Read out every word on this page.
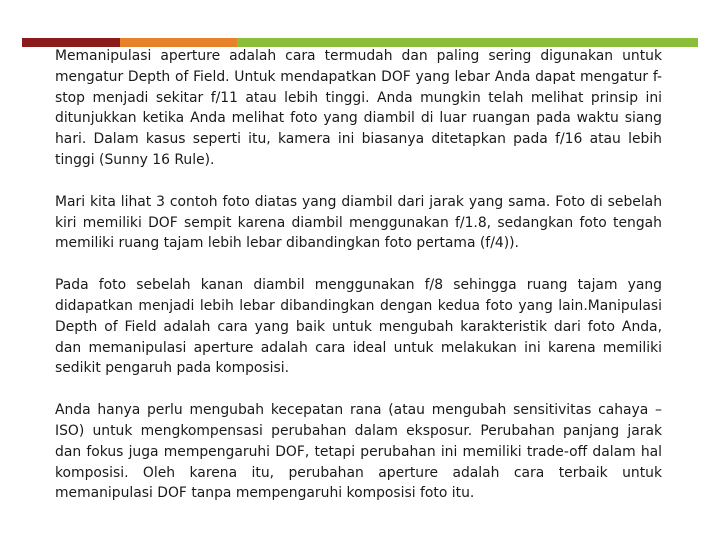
Memanipulasi aperture adalah cara termudah dan paling sering digunakan untuk mengatur Depth of Field. Untuk mendapatkan DOF yang lebar Anda dapat mengatur f-stop menjadi sekitar f/11 atau lebih tinggi. Anda mungkin telah melihat prinsip ini ditunjukkan ketika Anda melihat foto yang diambil di luar ruangan pada waktu siang hari. Dalam kasus seperti itu, kamera ini biasanya ditetapkan pada f/16 atau lebih tinggi (Sunny 16 Rule).

Mari kita lihat 3 contoh foto diatas yang diambil dari jarak yang sama. Foto di sebelah kiri memiliki DOF sempit karena diambil menggunakan f/1.8, sedangkan foto tengah memiliki ruang tajam lebih lebar dibandingkan foto pertama (f/4)).

Pada foto sebelah kanan diambil menggunakan f/8 sehingga ruang tajam yang didapatkan menjadi lebih lebar dibandingkan dengan kedua foto yang lain.Manipulasi Depth of Field adalah cara yang baik untuk mengubah karakteristik dari foto Anda, dan memanipulasi aperture adalah cara ideal untuk melakukan ini karena memiliki sedikit pengaruh pada komposisi.

Anda hanya perlu mengubah kecepatan rana (atau mengubah sensitivitas cahaya – ISO) untuk mengkompensasi perubahan dalam eksposur. Perubahan panjang jarak dan fokus juga mempengaruhi DOF, tetapi perubahan ini memiliki trade-off dalam hal komposisi. Oleh karena itu, perubahan aperture adalah cara terbaik untuk memanipulasi DOF tanpa mempengaruhi komposisi foto itu.
